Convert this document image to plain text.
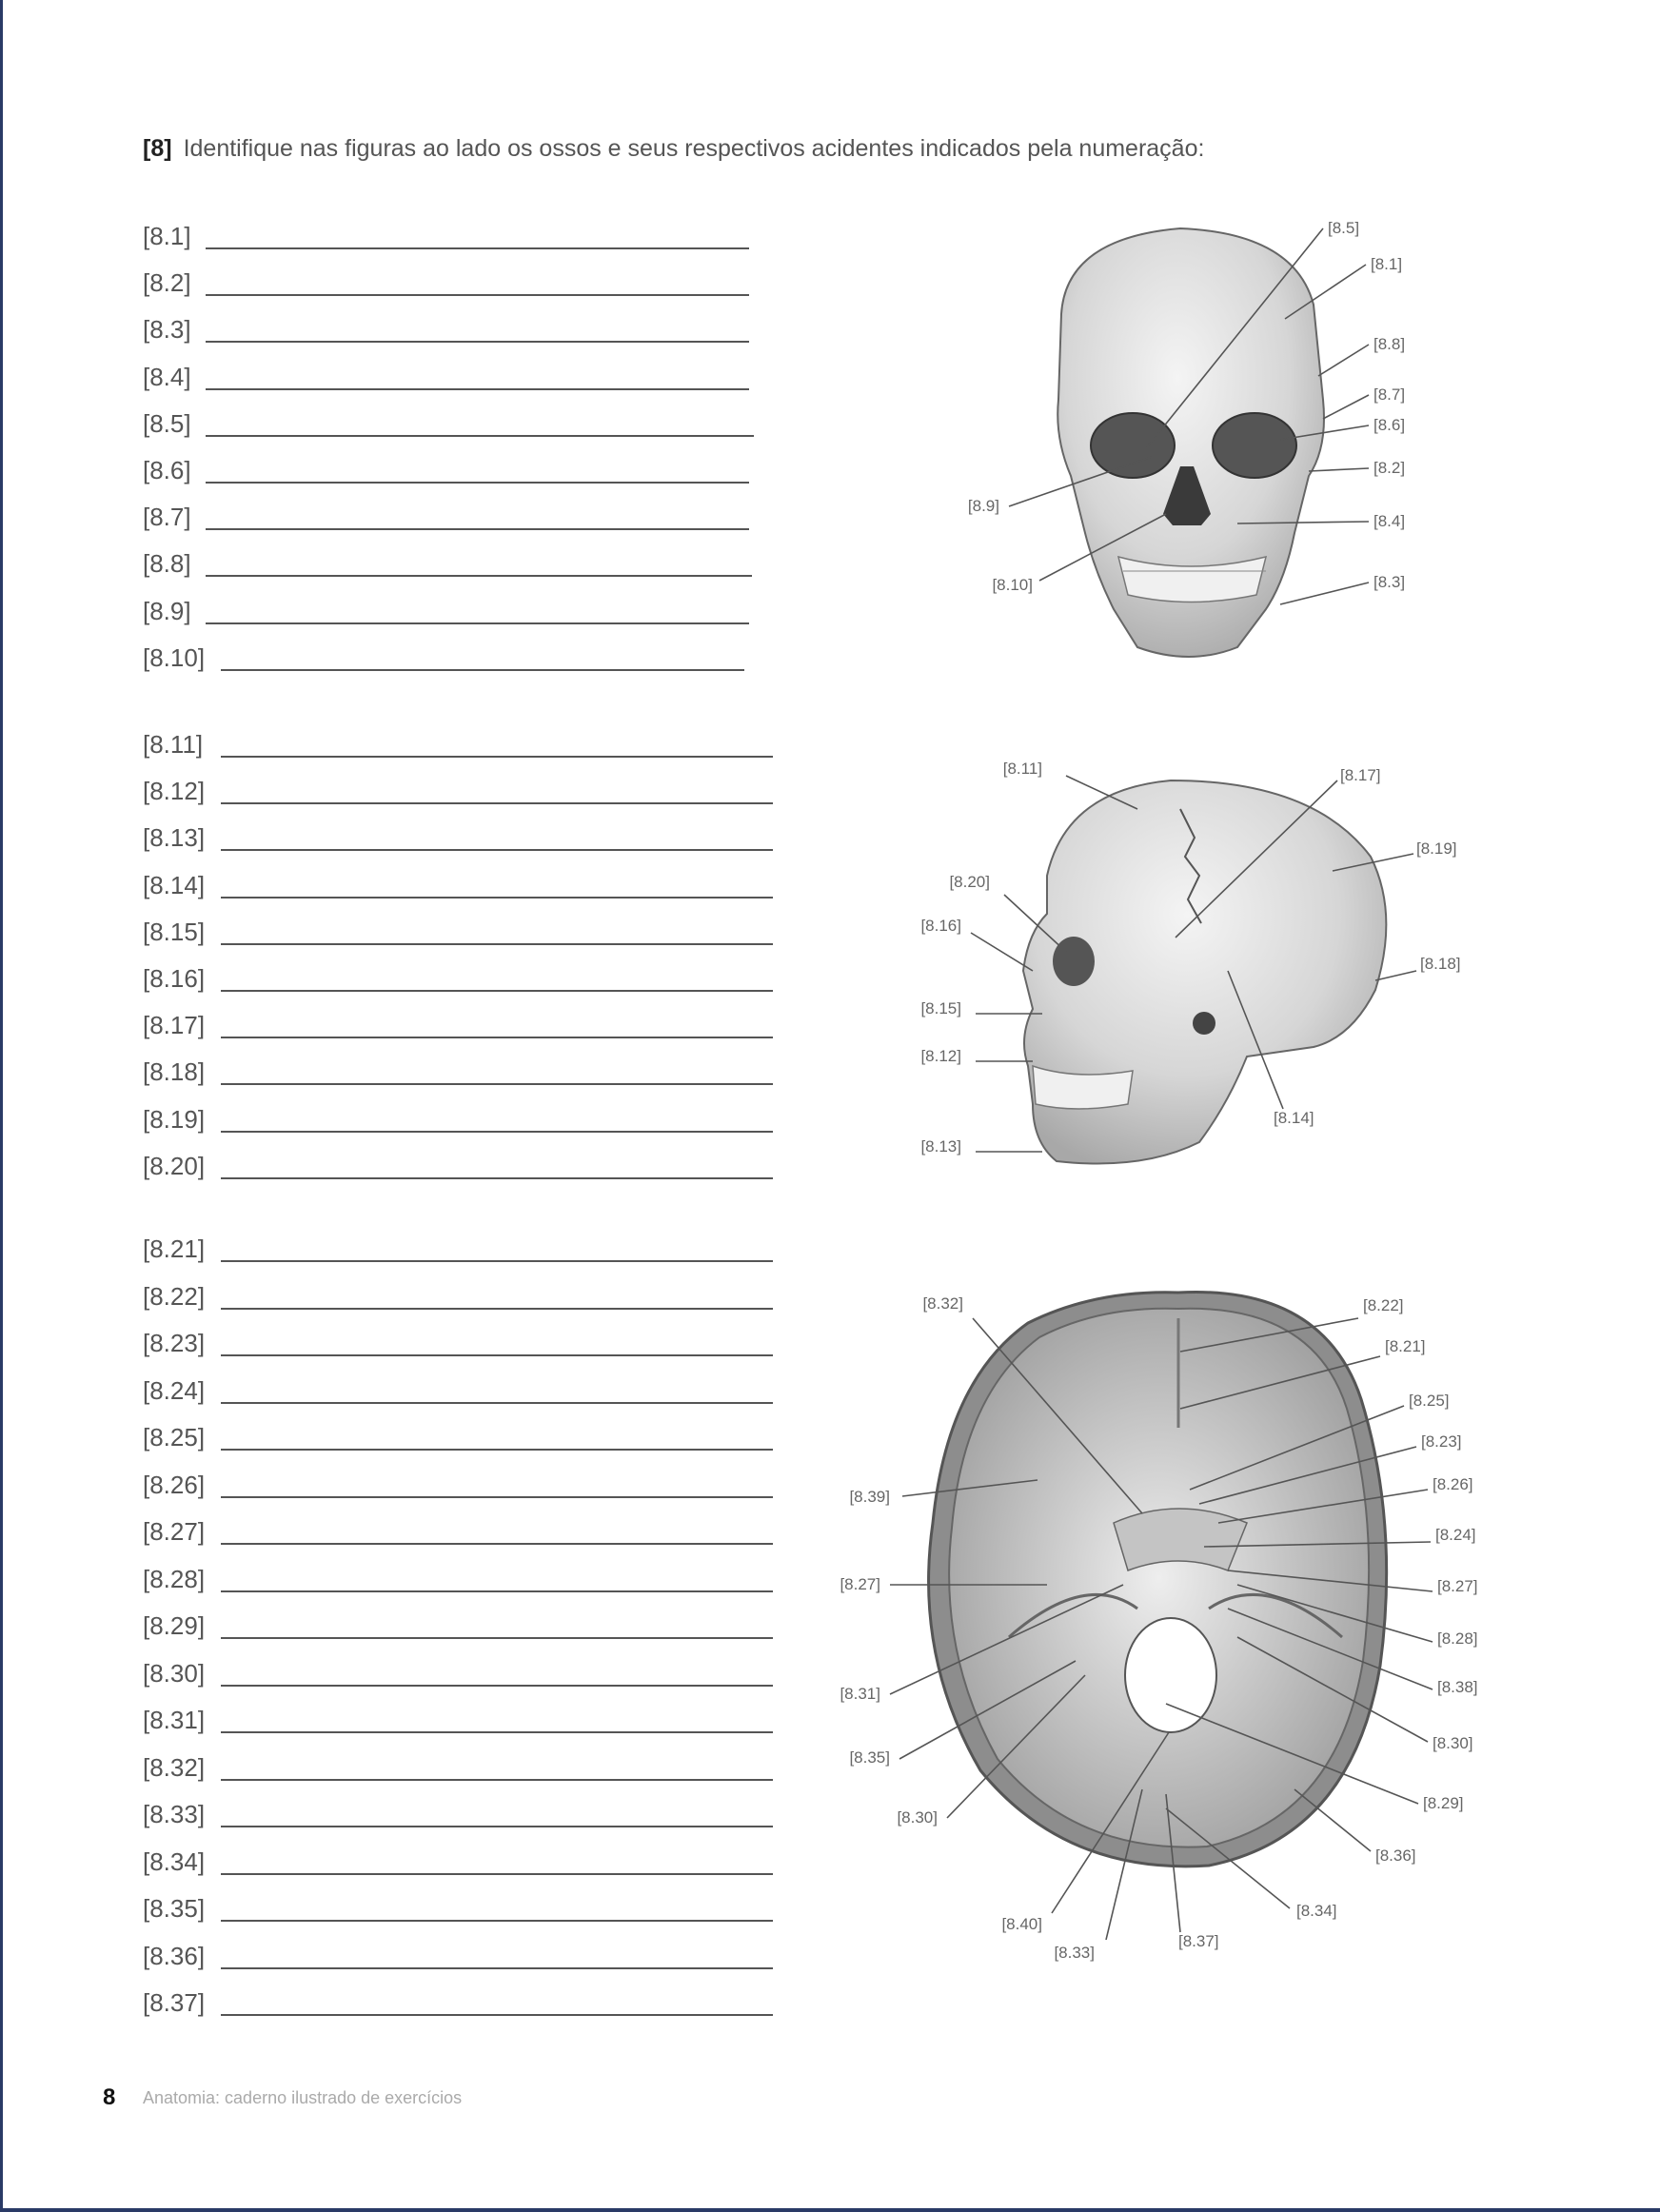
[8] Identifique nas figuras ao lado os ossos e seus respectivos acidentes indicados pela numeração:
[8.1]
[8.2]
[8.3]
[8.4]
[8.5]
[8.6]
[8.7]
[8.8]
[8.9]
[8.10]
[8.11]
[8.12]
[8.13]
[8.14]
[8.15]
[8.16]
[8.17]
[8.18]
[8.19]
[8.20]
[8.21]
[8.22]
[8.23]
[8.24]
[8.25]
[8.26]
[8.27]
[8.28]
[8.29]
[8.30]
[8.31]
[8.32]
[8.33]
[8.34]
[8.35]
[8.36]
[8.37]
[8.5]
[8.1]
[8.8]
[8.7]
[8.6]
[8.2]
[8.4]
[8.3]
[8.9]
[8.10]
[8.11]	[8.17]
[8.19]
[8.20]
[8.16]
[8.18]
[8.15]
[8.12]
[8.14]
[8.13]
[8.32]	[8.22]
[8.21]
[8.25]
[8.23]
[8.39]
[8.26]
[8.24]
[8.27]	[8.27]
[8.28]
[8.38]
[8.31]
[8.30]
[8.35]
[8.29]
[8.30]
[8.36]
[8.34]
[8.40]
[8.37]
[8.33]
8 Anatomia: caderno ilustrado de exercícios
